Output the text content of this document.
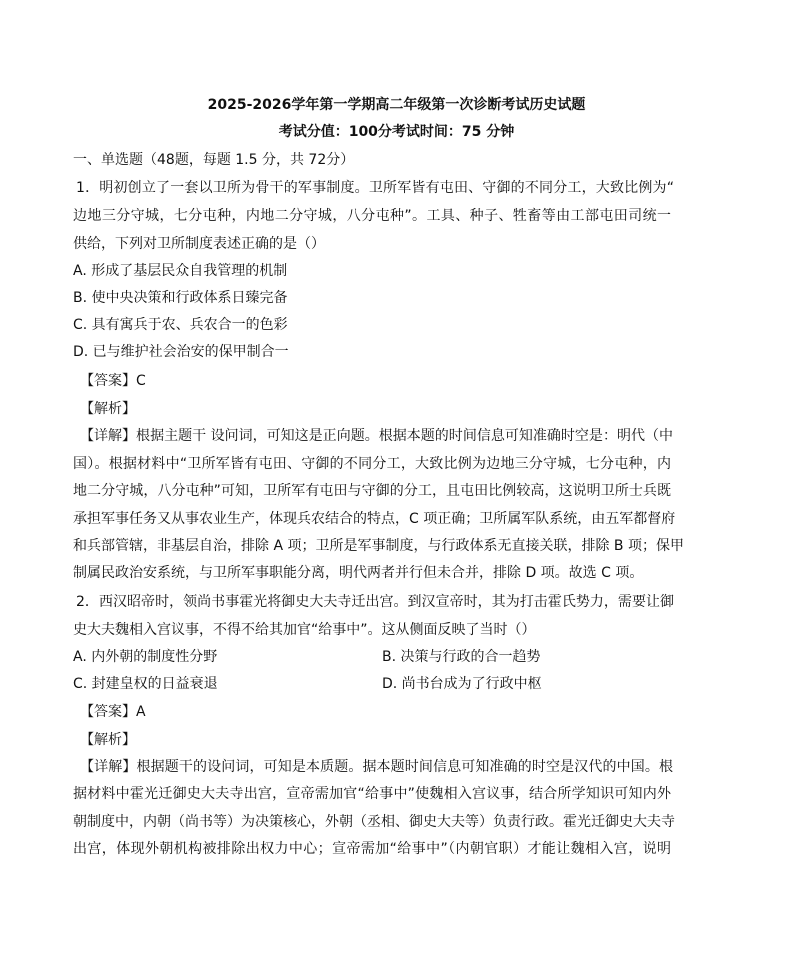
2025-2026学年第一学期高二年级第一次诊断考试历史试题
考试分值：100分考试时间：75 分钟
一、单选题（48题，每题 1.5 分，共 72分）
1．明初创立了一套以卫所为骨干的军事制度。卫所军皆有屯田、守御的不同分工，大致比例为“
边地三分守城，七分屯种，内地二分守城，八分屯种”。工具、种子、牲畜等由工部屯田司统一
供给，下列对卫所制度表述正确的是（）
A. 形成了基层民众自我管理的机制
B. 使中央决策和行政体系日臻完备
C. 具有寓兵于农、兵农合一的色彩
D. 已与维护社会治安的保甲制合一
【答案】C
【解析】
【详解】根据主题干 设问词，可知这是正向题。根据本题的时间信息可知准确时空是：明代（中
国）。根据材料中“卫所军皆有屯田、守御的不同分工，大致比例为边地三分守城，七分屯种，内
地二分守城，八分屯种”可知，卫所军有屯田与守御的分工，且屯田比例较高，这说明卫所士兵既
承担军事任务又从事农业生产，体现兵农结合的特点，C 项正确；卫所属军队系统，由五军都督府
和兵部管辖，非基层自治，排除 A 项；卫所是军事制度，与行政体系无直接关联，排除 B 项；保甲
制属民政治安系统，与卫所军事职能分离，明代两者并行但未合并，排除 D 项。故选 C 项。
2．西汉昭帝时，领尚书事霍光将御史大夫寺迁出宫。到汉宣帝时，其为打击霍氏势力，需要让御
史大夫魏相入宫议事，不得不给其加官“给事中”。这从侧面反映了当时（）
A. 内外朝的制度性分野	B. 决策与行政的合一趋势
C. 封建皇权的日益衰退	D. 尚书台成为了行政中枢
【答案】A
【解析】
【详解】根据题干的设问词，可知是本质题。据本题时间信息可知准确的时空是汉代的中国。根
据材料中霍光迁御史大夫寺出宫，宣帝需加官“给事中”使魏相入宫议事，结合所学知识可知内外
朝制度中，内朝（尚书等）为决策核心，外朝（丞相、御史大夫等）负责行政。霍光迁御史大夫寺
出宫，体现外朝机构被排除出权力中心；宣帝需加“给事中”（内朝官职）才能让魏相入宫，说明
